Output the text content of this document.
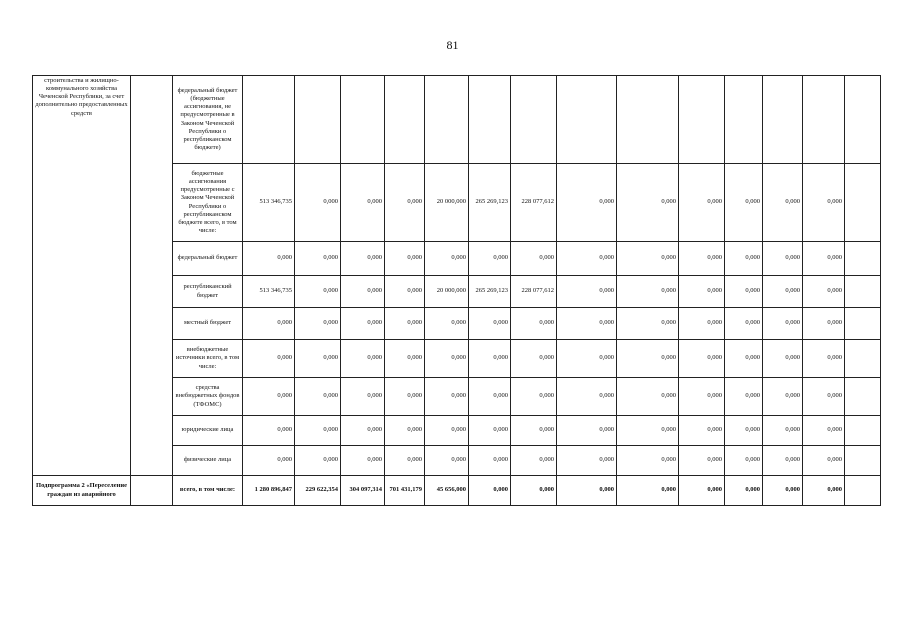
81
строительства и жилищно-коммунального хозяйства Чеченской Республики, за счет дополнительно предоставленных средств		федеральный бюджет (бюджетные ассигнования, не предусмотренные в Законом Чеченской Республики о республиканском бюджете)														
		бюджетные ассигнования предусмотренные с Законом Чеченской Республики о республиканском бюджете всего, в том числе:	513 346,735	0,000	0,000	0,000	20 000,000	265 269,123	228 077,612	0,000	0,000	0,000	0,000	0,000	0,000	
		федеральный бюджет	0,000	0,000	0,000	0,000	0,000	0,000	0,000	0,000	0,000	0,000	0,000	0,000	0,000	
		республиканский бюджет	513 346,735	0,000	0,000	0,000	20 000,000	265 269,123	228 077,612	0,000	0,000	0,000	0,000	0,000	0,000	
		местный бюджет	0,000	0,000	0,000	0,000	0,000	0,000	0,000	0,000	0,000	0,000	0,000	0,000	0,000	
		внебюджетные источники всего, в том числе:	0,000	0,000	0,000	0,000	0,000	0,000	0,000	0,000	0,000	0,000	0,000	0,000	0,000	
		средства внебюджетных фондов (ТФОМС)	0,000	0,000	0,000	0,000	0,000	0,000	0,000	0,000	0,000	0,000	0,000	0,000	0,000	
		юридические лица	0,000	0,000	0,000	0,000	0,000	0,000	0,000	0,000	0,000	0,000	0,000	0,000	0,000	
		физические лица	0,000	0,000	0,000	0,000	0,000	0,000	0,000	0,000	0,000	0,000	0,000	0,000	0,000	
Подпрограмма 2 «Переселение граждан из аварийного		всего, в том числе:	1 280 896,847	229 622,354	304 097,314	701 431,179	45 656,000	0,000	0,000	0,000	0,000	0,000	0,000	0,000	0,000	
